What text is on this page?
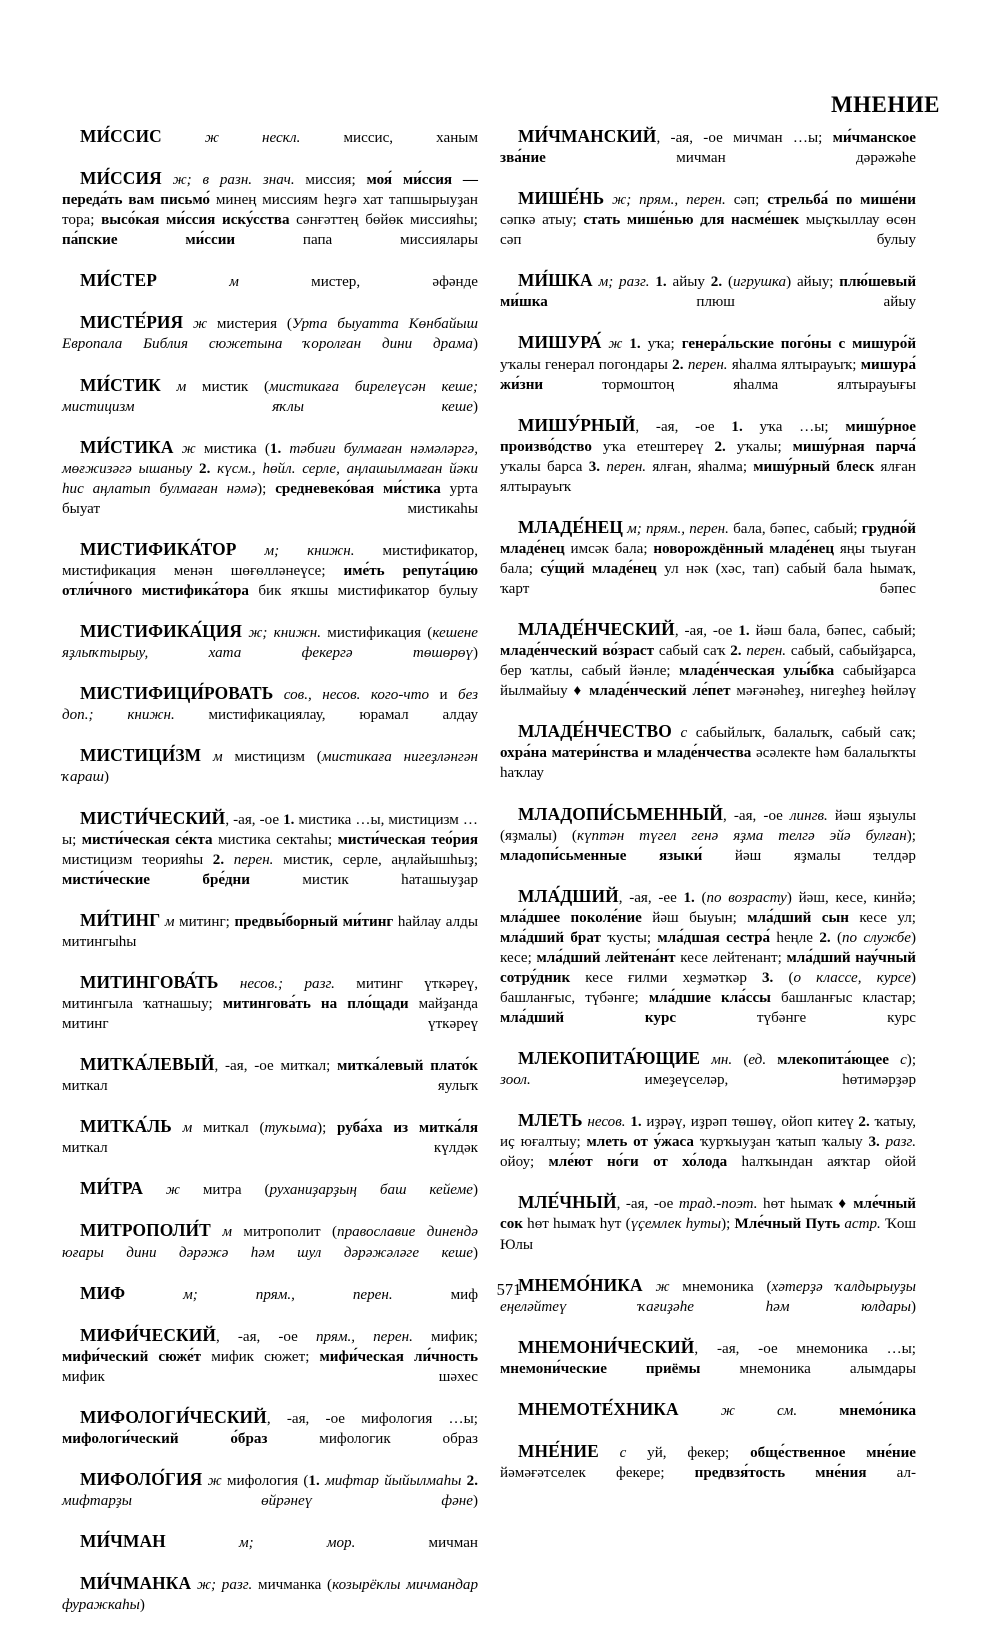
МНЕНИЕ

МИ́ССИС	ж нескл. миссис, ханым

МИ́ССИЯ ж; в разн. знач. миссия; моя́ ми́ссия — переда́ть вам письмо́ минең миссиям һеҙгә хат тапшырыуҙан тора; высо́кая ми́ссия иску́сства сәнғәттең бөйөк миссияһы; па́пские ми́ссии папа миссиялары

МИ́СТЕР	м мистер, әфәнде

МИСТЕ́РИЯ ж мистерия (Урта быуатта Көнбайыш Европала Библия сюжетына ҡоролған дини драма)

МИ́СТИК м мистик (мистикаға бирелеүсән кеше; мистицизм яҡлы кеше)

МИ́СТИКА ж мистика (1. тәбиғи булмаған нәмәләргә, мөғжизәгә ышаныу 2. күсм., һөйл. серле, аңлашылмаған йәки һис аңлатып булмаған нәмә); средневеко́вая ми́стика урта быуат мистикаһы

МИСТИФИКА́ТОР м; книжн. мистификатор, мистификация менән шөғөлләнеүсе; име́ть репута́цию отли́чного мистифика́тора бик яҡшы мистификатор булыу

МИСТИФИКА́ЦИЯ ж; книжн. мистификация (кешене яҙлыҡтырыу, хата фекергә төшөрөү)

МИСТИФИЦИ́РОВАТЬ сов., несов. кого-что и без доп.; книжн. мистификациялау, юрамал алдау

МИСТИЦИ́ЗМ м мистицизм (мистикаға нигеҙләнгән ҡараш)

МИСТИ́ЧЕСКИЙ, -ая, -ое 1. мистика …ы, мистицизм …ы; мисти́ческая се́кта мистика сектаһы; мисти́ческая тео́рия мистицизм теорияһы 2. перен. мистик, серле, аңлайышһыҙ; мисти́ческие бре́дни мистик һаташыуҙар

МИ́ТИНГ м митинг; предвы́борный ми́тинг һайлау алды митингыһы

МИТИНГОВА́ТЬ несов.; разг. митинг үткәреү, митингыла ҡатнашыу; митингова́ть на пло́щади майҙанда митинг үткәреү

МИТКА́ЛЕВЫЙ, -ая, -ое миткал; митка́левый плато́к миткал яулыҡ

МИТКА́ЛЬ м миткал (туҡыма); руба́ха из митка́ля миткал күлдәк

МИ́ТРА ж митра (руханиҙарҙың баш кейеме)

МИТРОПОЛИ́Т м митрополит (православие динендә юғары дини дәрәжә һәм шул дәрәжәләге кеше)

МИФ	м; прям., перен. миф

МИФИ́ЧЕСКИЙ, -ая, -ое прям., перен. мифик; мифи́ческий сюже́т мифик сюжет; мифи́ческая ли́чность мифик шәхес

МИФОЛОГИ́ЧЕСКИЙ, -ая, -ое мифология …ы; мифологи́ческий о́браз мифологик образ

МИФОЛО́ГИЯ ж мифология (1. мифтар йыйылмаһы 2. мифтарҙы өйрәнеү фәне)

МИ́ЧМАН	м; мор. мичман

МИ́ЧМАНКА ж; разг. мичманка (козырёклы мичмандар фуражкаһы)

МИ́ЧМАНСКИЙ, -ая, -ое мичман …ы; ми́чманское зва́ние мичман дәрәжәһе

МИШЕ́НЬ ж; прям., перен. сәп; стрельба́ по мише́ни сәпкә атыу; стать мише́нью для насме́шек мыҫҡыллау өсөн сәп булыу

МИ́ШКА м; разг. 1. айыу 2. (игрушка) айыу; плю́шевый ми́шка плюш айыу

МИШУРА́ ж 1. уҡа; генера́льские пого́ны с мишуро́й уҡалы генерал погондары 2. перен. яһалма ялтырауыҡ; мишура́ жи́зни тормоштоң яһалма ялтырауығы

МИШУ́РНЫЙ, -ая, -ое 1. уҡа …ы; мишу́рное произво́дство уҡа етештереү 2. уҡалы; мишу́рная парча́ уҡалы барса 3. перен. ялған, яһалма; мишу́рный блеск ялған ялтырауыҡ

МЛАДЕ́НЕЦ м; прям., перен. бала, бәпес, сабый; грудно́й младе́нец имсәк бала; новорождённый младе́нец яңы тыуған бала; су́щий младе́нец ул нәк (хәс, тап) сабый бала һымаҡ, ҡарт бәпес

МЛАДЕ́НЧЕСКИЙ, -ая, -ое 1. йәш бала, бәпес, сабый; младе́нческий во́зраст сабый саҡ 2. перен. сабый, сабыйҙарса, бер ҡатлы, сабый йәнле; младе́нческая улы́бка сабыйҙарса йылмайыу ♦ младе́нческий ле́пет мәғәнәһеҙ, нигеҙһеҙ һөйләү

МЛАДЕ́НЧЕСТВО с сабыйлыҡ, балалыҡ, сабый саҡ; охра́на матери́нства и младе́нчества әсәлекте һәм балалыҡты һаҡлау

МЛАДОПИ́СЬМЕННЫЙ, -ая, -ое лингв. йәш яҙыулы (яҙмалы) (күптән түгел генә яҙма телгә эйә булған); младопи́сьменные языки́ йәш яҙмалы телдәр

МЛА́ДШИЙ, -ая, -ее 1. (по возрасту) йәш, кесе, кинйә; мла́дшее поколе́ние йәш быуын; мла́дший сын кесе ул; мла́дший брат ҡусты; мла́дшая сестра́ һеңле 2. (по службе) кесе; мла́дший лейтена́нт кесе лейтенант; мла́дший нау́чный сотру́дник кесе ғилми хеҙмәткәр 3. (о классе, курсе) башланғыс, түбәнге; мла́дшие кла́ссы башланғыс кластар; мла́дший курс түбәнге курс

МЛЕКОПИТА́ЮЩИЕ мн. (ед. млекопита́ющее с); зоол. имеҙеүселәр, һөтимәрҙәр

МЛЕТЬ несов. 1. иҙрәү, иҙрәп төшөү, ойоп китеү 2. ҡатыу, иҫ юғалтыу; млеть от у́жаса ҡурҡыуҙан ҡатып ҡалыу 3. разг. ойоу; мле́ют но́ги от хо́лода һалҡындан аяҡтар ойой

МЛЕ́ЧНЫЙ, -ая, -ое трад.-поэт. һөт һымаҡ ♦ мле́чный сок һөт һымаҡ һут (үҫемлек һуты); Мле́чный Путь астр. Ҡош Юлы

МНЕМО́НИКА ж мнемоника (хәтерҙә ҡалдырыуҙы еңеләйтеү ҡағиҙәһе һәм юлдары)

МНЕМОНИ́ЧЕСКИЙ, -ая, -ое мнемоника …ы; мнемони́ческие приёмы мнемоника алымдары

МНЕМОТЕ́ХНИКА	ж см.	мнемо́ника

МНЕ́НИЕ с уй, фекер; обще́ственное мне́ние йәмәғәтселек фекере; предвзя́тость мне́ния ал-

571
